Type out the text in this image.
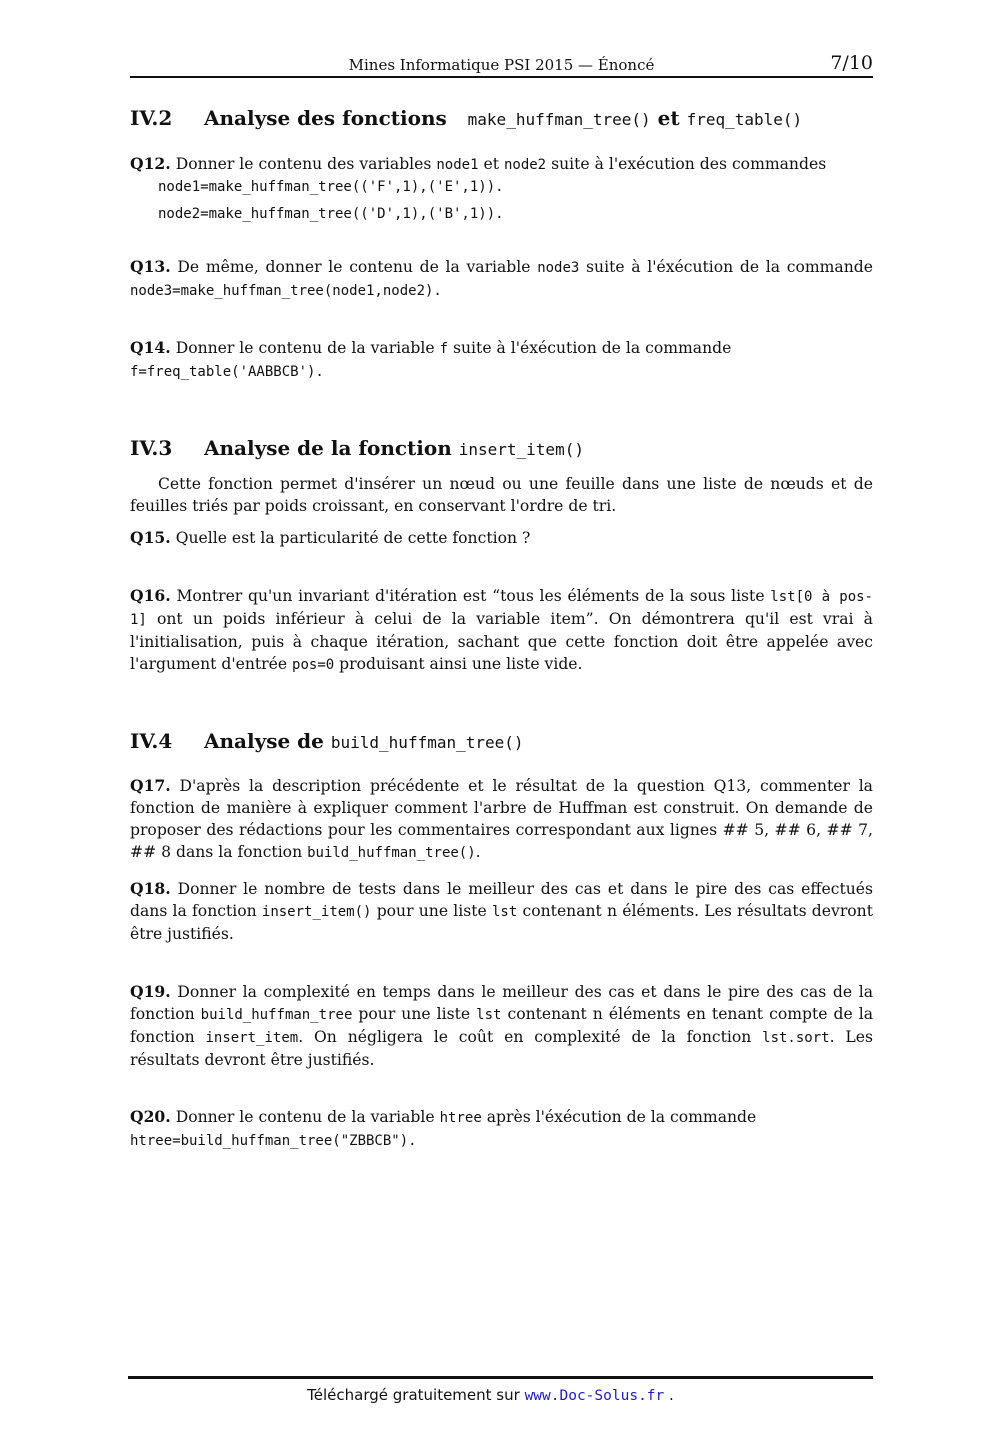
Mines Informatique PSI 2015 — Énoncé	7/10
IV.2 Analyse des fonctions make_huffman_tree() et freq_table()
Q12. Donner le contenu des variables node1 et node2 suite à l'exécution des commandes
node1=make_huffman_tree(('F',1),('E',1)).
node2=make_huffman_tree(('D',1),('B',1)).
Q13. De même, donner le contenu de la variable node3 suite à l'éxécution de la commande node3=make_huffman_tree(node1,node2).
Q14. Donner le contenu de la variable f suite à l'éxécution de la commande
f=freq_table('AABBCB').
IV.3 Analyse de la fonction insert_item()
Cette fonction permet d'insérer un nœud ou une feuille dans une liste de nœuds et de feuilles triés par poids croissant, en conservant l'ordre de tri.
Q15. Quelle est la particularité de cette fonction ?
Q16. Montrer qu'un invariant d'itération est “tous les éléments de la sous liste lst[0 à pos-1] ont un poids inférieur à celui de la variable item”. On démontrera qu'il est vrai à l'initialisation, puis à chaque itération, sachant que cette fonction doit être appelée avec l'argument d'entrée pos=0 produisant ainsi une liste vide.
IV.4 Analyse de build_huffman_tree()
Q17. D'après la description précédente et le résultat de la question Q13, commenter la fonction de manière à expliquer comment l'arbre de Huffman est construit. On demande de proposer des rédactions pour les commentaires correspondant aux lignes ## 5, ## 6, ## 7, ## 8 dans la fonction build_huffman_tree().
Q18. Donner le nombre de tests dans le meilleur des cas et dans le pire des cas effectués dans la fonction insert_item() pour une liste lst contenant n éléments. Les résultats devront être justifiés.
Q19. Donner la complexité en temps dans le meilleur des cas et dans le pire des cas de la fonction build_huffman_tree pour une liste lst contenant n éléments en tenant compte de la fonction insert_item. On négligera le coût en complexité de la fonction lst.sort. Les résultats devront être justifiés.
Q20. Donner le contenu de la variable htree après l'éxécution de la commande
htree=build_huffman_tree("ZBBCB").
Téléchargé gratuitement sur www.Doc-Solus.fr .
